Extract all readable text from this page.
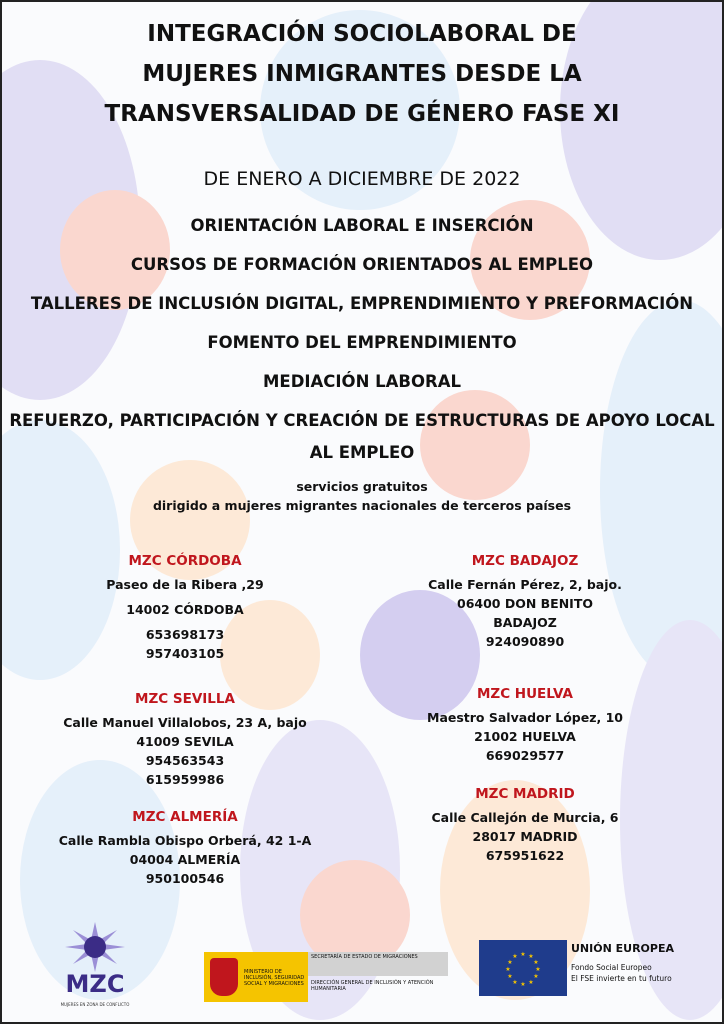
INTEGRACIÓN SOCIOLABORAL DE
MUJERES INMIGRANTES DESDE LA
TRANSVERSALIDAD DE GÉNERO FASE XI
DE ENERO A DICIEMBRE DE 2022
ORIENTACIÓN LABORAL E INSERCIÓN
CURSOS DE FORMACIÓN ORIENTADOS AL EMPLEO
TALLERES DE INCLUSIÓN DIGITAL, EMPRENDIMIENTO Y PREFORMACIÓN
FOMENTO DEL EMPRENDIMIENTO
MEDIACIÓN LABORAL
REFUERZO, PARTICIPACIÓN Y CREACIÓN DE ESTRUCTURAS DE APOYO LOCAL
AL EMPLEO
servicios gratuitos
dirigido a mujeres migrantes nacionales de terceros países
MZC CÓRDOBA
Paseo de la Ribera ,29
14002 CÓRDOBA
653698173
957403105
MZC SEVILLA
Calle Manuel Villalobos, 23 A, bajo
41009 SEVILA
954563543
615959986
MZC ALMERÍA
Calle Rambla Obispo Orberá, 42 1-A
04004 ALMERÍA
950100546
MZC BADAJOZ
Calle Fernán Pérez, 2, bajo.
06400 DON BENITO
BADAJOZ
924090890
MZC HUELVA
Maestro Salvador López, 10
21002 HUELVA
669029577
MZC MADRID
Calle Callejón de Murcia, 6
28017 MADRID
675951622
MZC
MUJERES EN ZONA DE CONFLICTO
MINISTERIO DE INCLUSIÓN, SEGURIDAD SOCIAL Y MIGRACIONES
SECRETARÍA DE ESTADO DE MIGRACIONES
DIRECCIÓN GENERAL DE INCLUSIÓN Y ATENCIÓN HUMANITARIA
★ ★
★
★
★
★
★
★
★
★
★
★
UNIÓN EUROPEA
Fondo Social Europeo
El FSE invierte en tu futuro
